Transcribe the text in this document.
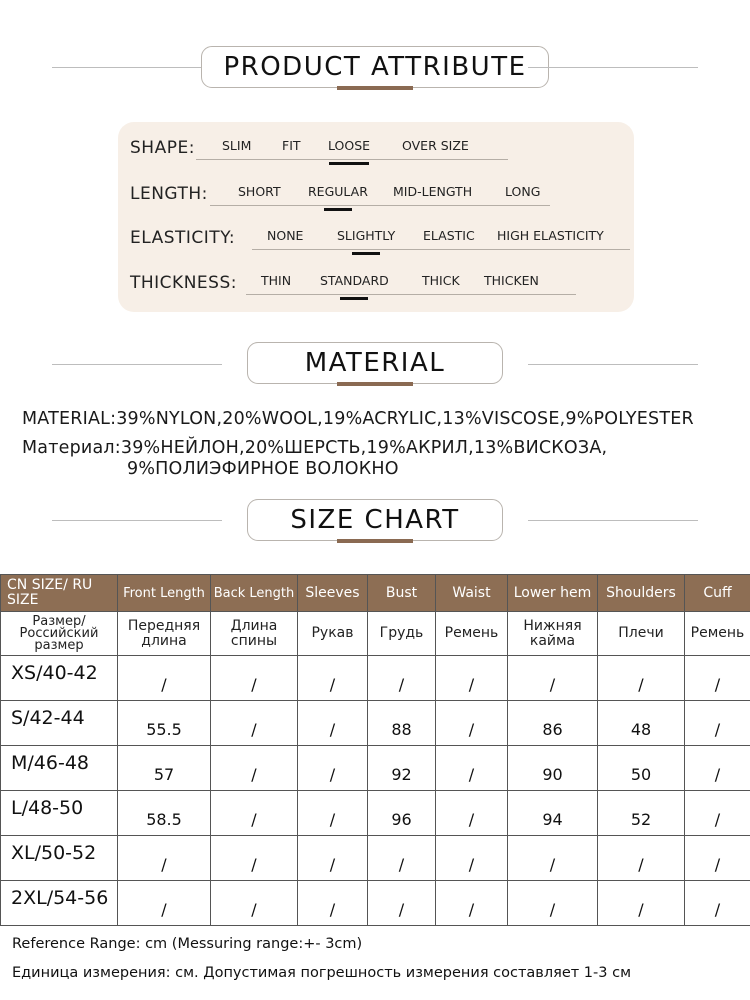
PRODUCT ATTRIBUTE
SHAPE: SLIM FIT LOOSE	OVER SIZE
LENGTH: SHORT REGULAR MID-LENGTH	LONG
ELASTICITY:	NONE	SLIGHTLY ELASTIC HIGH ELASTICITY
THICKNESS: THIN STANDARD	THICK THICKEN
MATERIAL
MATERIAL:39%NYLON,20%WOOL,19%ACRYLIC,13%VISCOSE,9%POLYESTER
Материал:39%НЕЙЛОН,20%ШЕРСТЬ,19%АКРИЛ,13%ВИСКОЗА,
9%ПОЛИЭФИРНОЕ ВОЛОКНО
SIZE CHART
CN SIZE/ RU SIZE	Front Length	Back Length	Sleeves	Bust	Waist	Lower hem	Shoulders	Cuff
Размер/ Российский размер	Передняя длина	Длина спины	Рукав	Грудь	Ремень	Нижняя кайма	Плечи	Ремень
XS/40-42	/	/	/	/	/	/	/	/
S/42-44	55.5	/	/	88	/	86	48	/
M/46-48	57	/	/	92	/	90	50	/
L/48-50	58.5	/	/	96	/	94	52	/
XL/50-52	/	/	/	/	/	/	/	/
2XL/54-56	/	/	/	/	/	/	/	/
Reference Range: cm (Messuring range:+- 3cm)
Единица измерения: см. Допустимая погрешность измерения составляет 1-3 см
